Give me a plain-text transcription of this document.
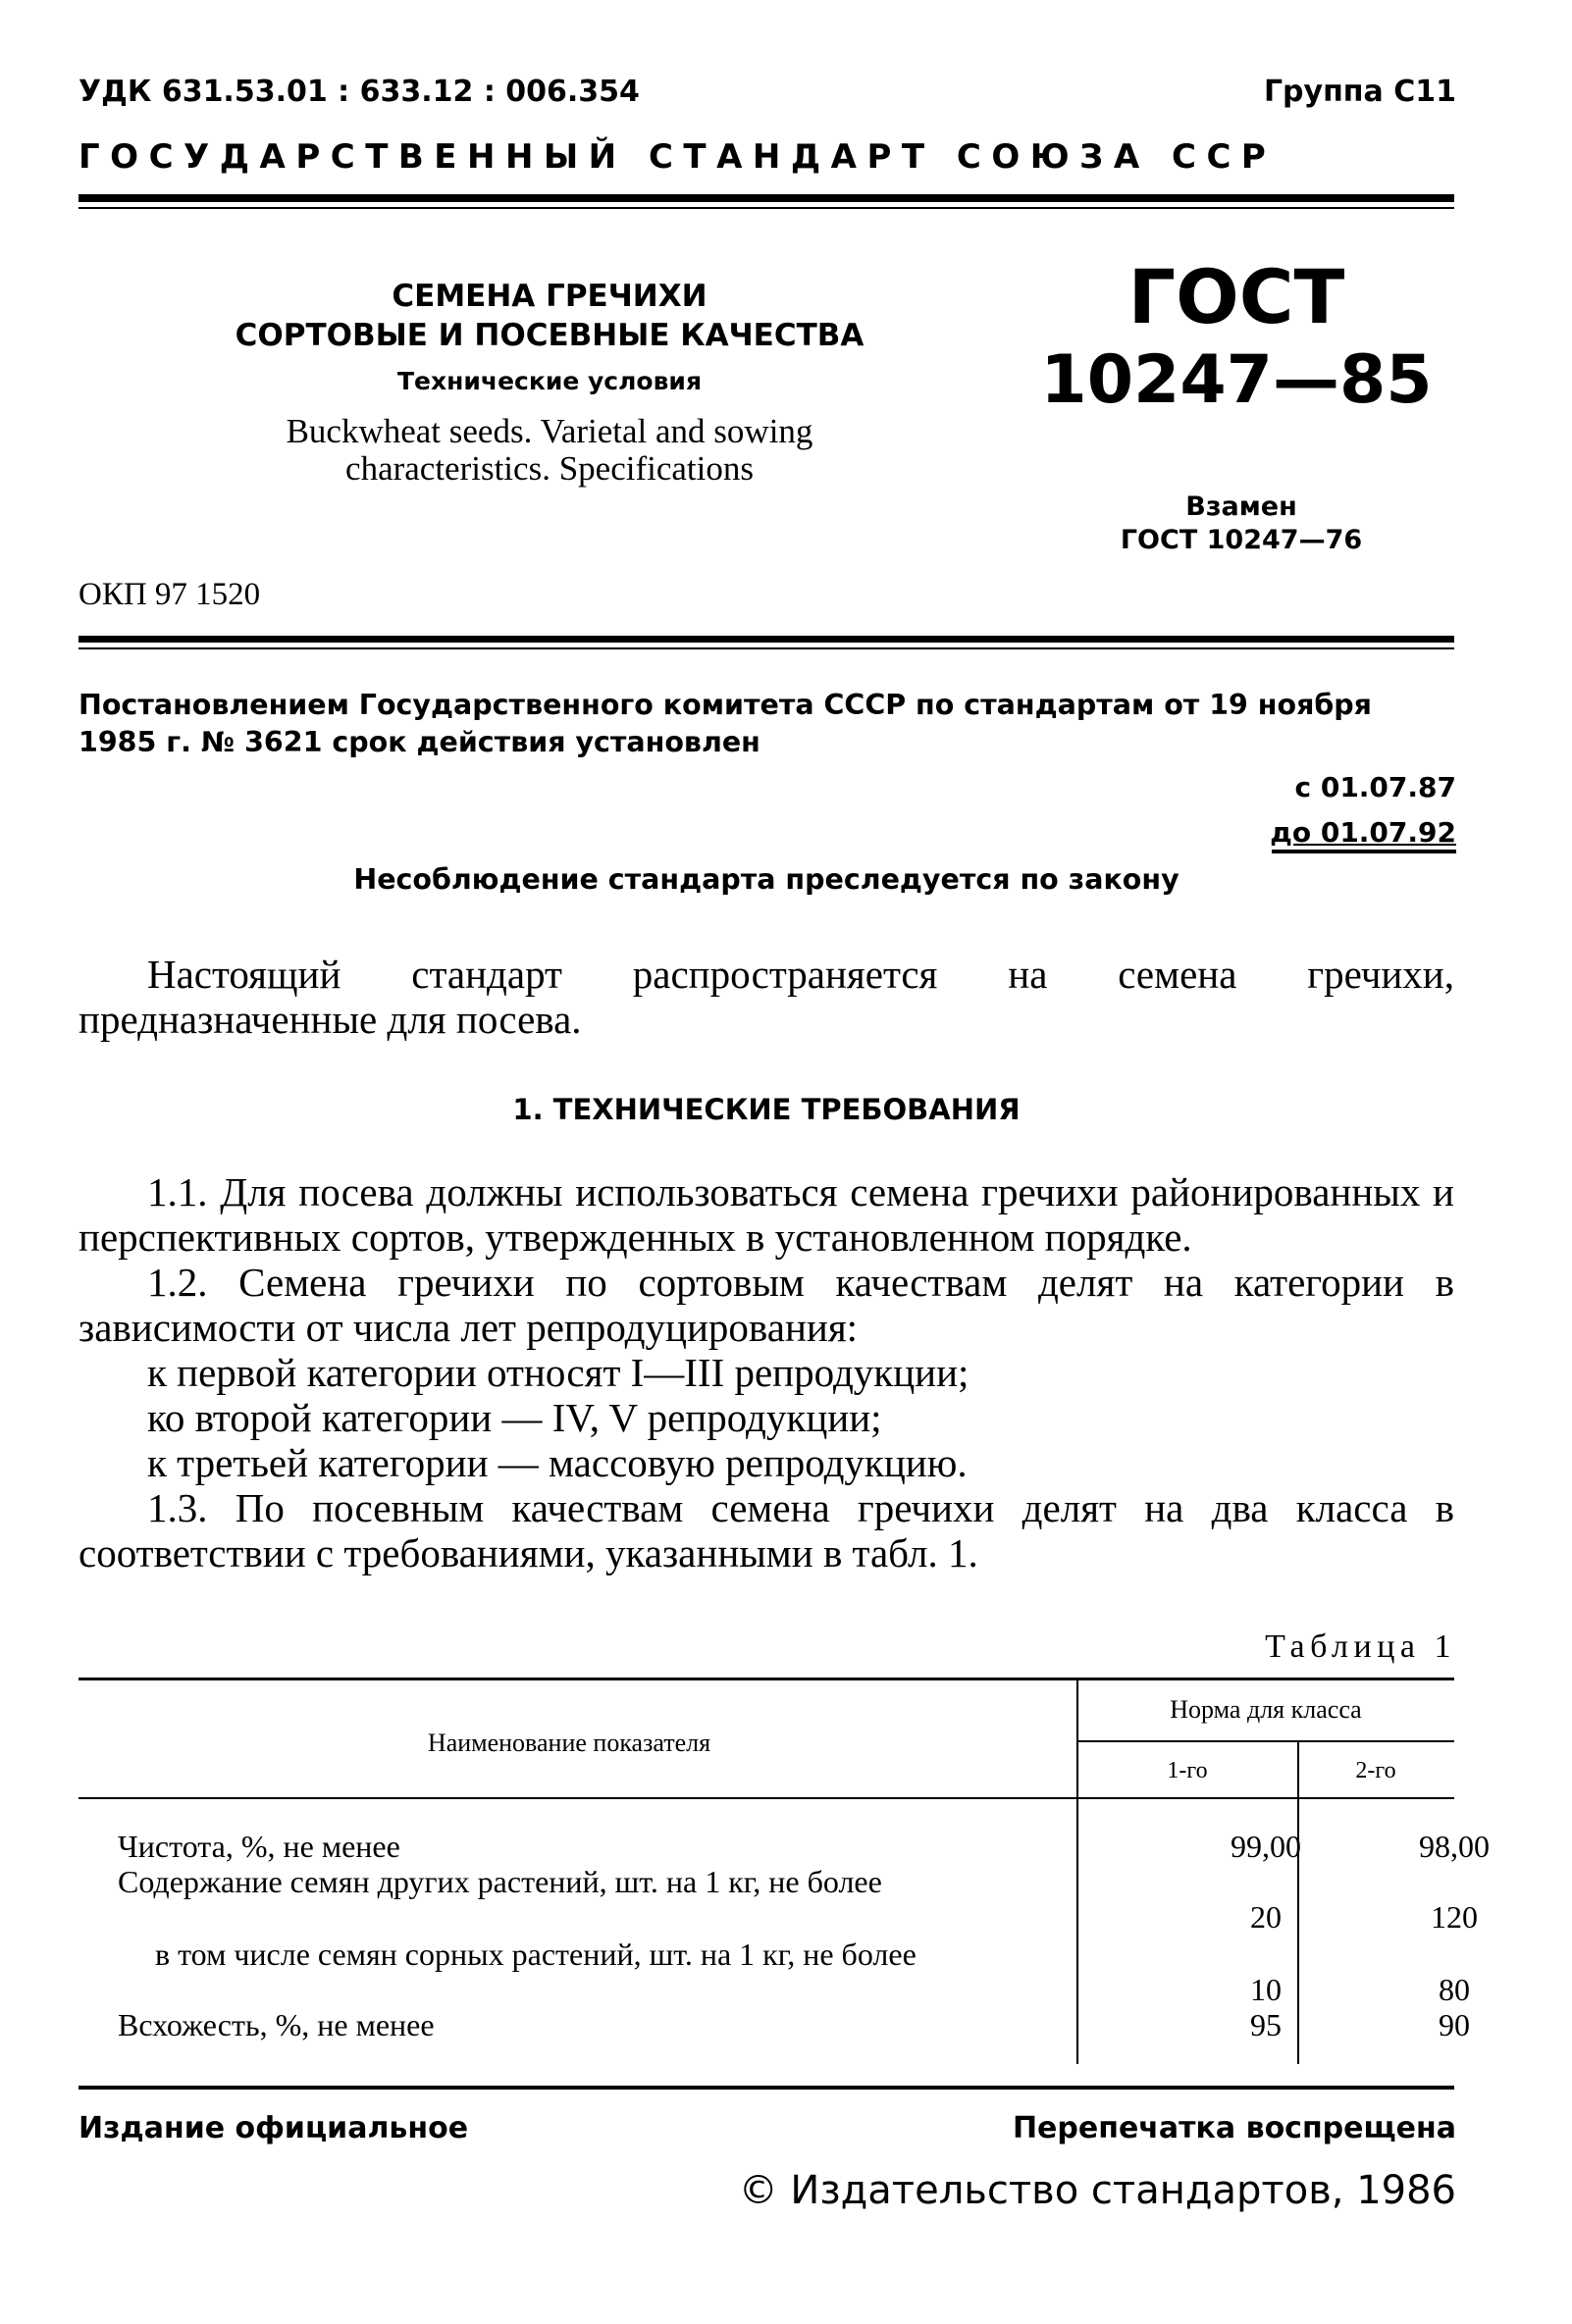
УДК 631.53.01 : 633.12 : 006.354	Группа С11
ГОСУДАРСТВЕННЫЙ СТАНДАРТ СОЮЗА ССР
СЕМЕНА ГРЕЧИХИ
СОРТОВЫЕ И ПОСЕВНЫЕ КАЧЕСТВА
Технические условия
Buckwheat seeds. Varietal and sowing
characteristics. Specifications
ГОСТ
10247—85
Взамен
ГОСТ 10247—76
ОКП 97 1520
Постановлением Государственного комитета СССР по стандартам от 19 ноября 1985 г. № 3621 срок действия установлен
с 01.07.87
до 01.07.92
Несоблюдение стандарта преследуется по закону
Настоящий стандарт распространяется на семена гречихи, предназначенные для посева.
1. ТЕХНИЧЕСКИЕ ТРЕБОВАНИЯ
1.1. Для посева должны использоваться семена гречихи районированных и перспективных сортов, утвержденных в установленном порядке.
1.2. Семена гречихи по сортовым качествам делят на категории в зависимости от числа лет репродуцирования:
к первой категории относят I—III репродукции;
ко второй категории — IV, V репродукции;
к третьей категории — массовую репродукцию.
1.3. По посевным качествам семена гречихи делят на два класса в соответствии с требованиями, указанными в табл. 1.
Таблица 1
Наименование показателя
Норма для класса
1-го	2-го
Чистота, %, не менее	99,00	98,00
Содержание семян других растений, шт. на 1 кг, не более
20	120
в том числе семян сорных растений, шт. на 1 кг, не более
10	80
Всхожесть, %, не менее	95	90
Издание официальное	Перепечатка воспрещена
© Издательство стандартов, 1986
